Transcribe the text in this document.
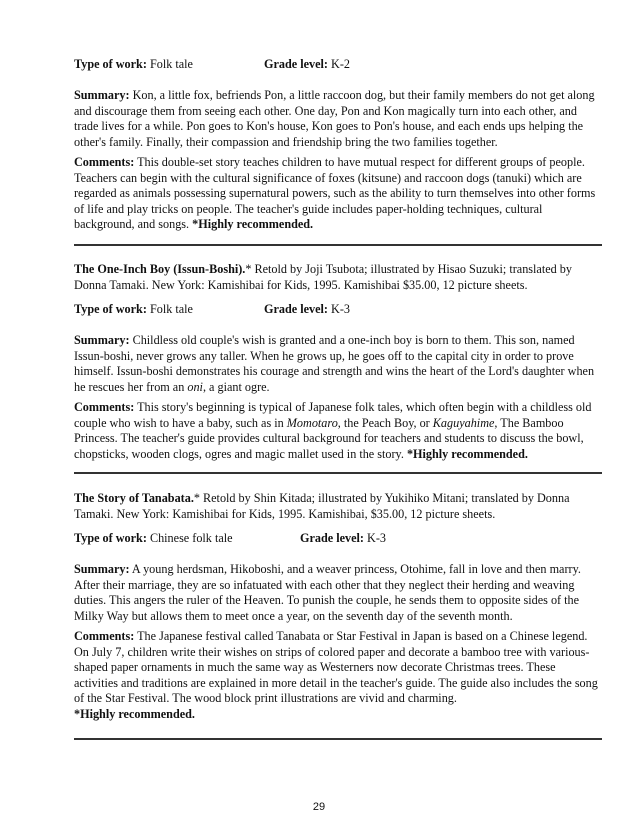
Type of work: Folk tale	Grade level: K-2

Summary: Kon, a little fox, befriends Pon, a little raccoon dog, but their family members do not get along and discourage them from seeing each other. One day, Pon and Kon magically turn into each other, and trade lives for a while. Pon goes to Kon's house, Kon goes to Pon's house, and each ends ups helping the other's family. Finally, their compassion and friendship bring the two families together.

Comments: This double-set story teaches children to have mutual respect for different groups of people. Teachers can begin with the cultural significance of foxes (kitsune) and raccoon dogs (tanuki) which are regarded as animals possessing supernatural powers, such as the ability to turn themselves into other forms of life and play tricks on people. The teacher's guide includes paper-holding techniques, cultural background, and songs. *Highly recommended.

The One-Inch Boy (Issun-Boshi).* Retold by Joji Tsubota; illustrated by Hisao Suzuki; translated by Donna Tamaki. New York: Kamishibai for Kids, 1995. Kamishibai $35.00, 12 picture sheets.

Type of work: Folk tale	Grade level: K-3

Summary: Childless old couple's wish is granted and a one-inch boy is born to them. This son, named Issun-boshi, never grows any taller. When he grows up, he goes off to the capital city in order to prove himself. Issun-boshi demonstrates his courage and strength and wins the heart of the Lord's daughter when he rescues her from an oni, a giant ogre.

Comments: This story's beginning is typical of Japanese folk tales, which often begin with a childless old couple who wish to have a baby, such as in Momotaro, the Peach Boy, or Kaguyahime, The Bamboo Princess. The teacher's guide provides cultural background for teachers and students to discuss the bowl, chopsticks, wooden clogs, ogres and magic mallet used in the story. *Highly recommended.

The Story of Tanabata.* Retold by Shin Kitada; illustrated by Yukihiko Mitani; translated by Donna Tamaki. New York: Kamishibai for Kids, 1995. Kamishibai, $35.00, 12 picture sheets.

Type of work: Chinese folk tale	Grade level: K-3

Summary: A young herdsman, Hikoboshi, and a weaver princess, Otohime, fall in love and then marry. After their marriage, they are so infatuated with each other that they neglect their herding and weaving duties. This angers the ruler of the Heaven. To punish the couple, he sends them to opposite sides of the Milky Way but allows them to meet once a year, on the seventh day of the seventh month.

Comments: The Japanese festival called Tanabata or Star Festival in Japan is based on a Chinese legend. On July 7, children write their wishes on strips of colored paper and decorate a bamboo tree with various-shaped paper ornaments in much the same way as Westerners now decorate Christmas trees. These activities and traditions are explained in more detail in the teacher's guide. The guide also includes the song of the Star Festival. The wood block print illustrations are vivid and charming.
*Highly recommended.

29
